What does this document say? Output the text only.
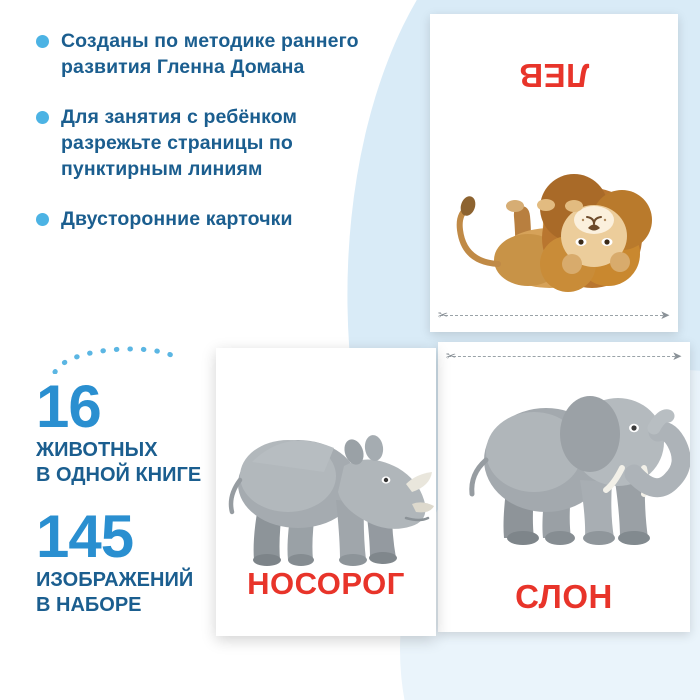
Созданы по методике раннего развития Гленна Домана
Для занятия с ребёнком разрежьте страницы по пунктирным линиям
Двусторонние карточки
16
ЖИВОТНЫХ
В ОДНОЙ КНИГЕ
145
ИЗОБРАЖЕНИЙ
В НАБОРЕ
ЛЕВ
✂	➤
✂	➤
СЛОН
НОСОРОГ
